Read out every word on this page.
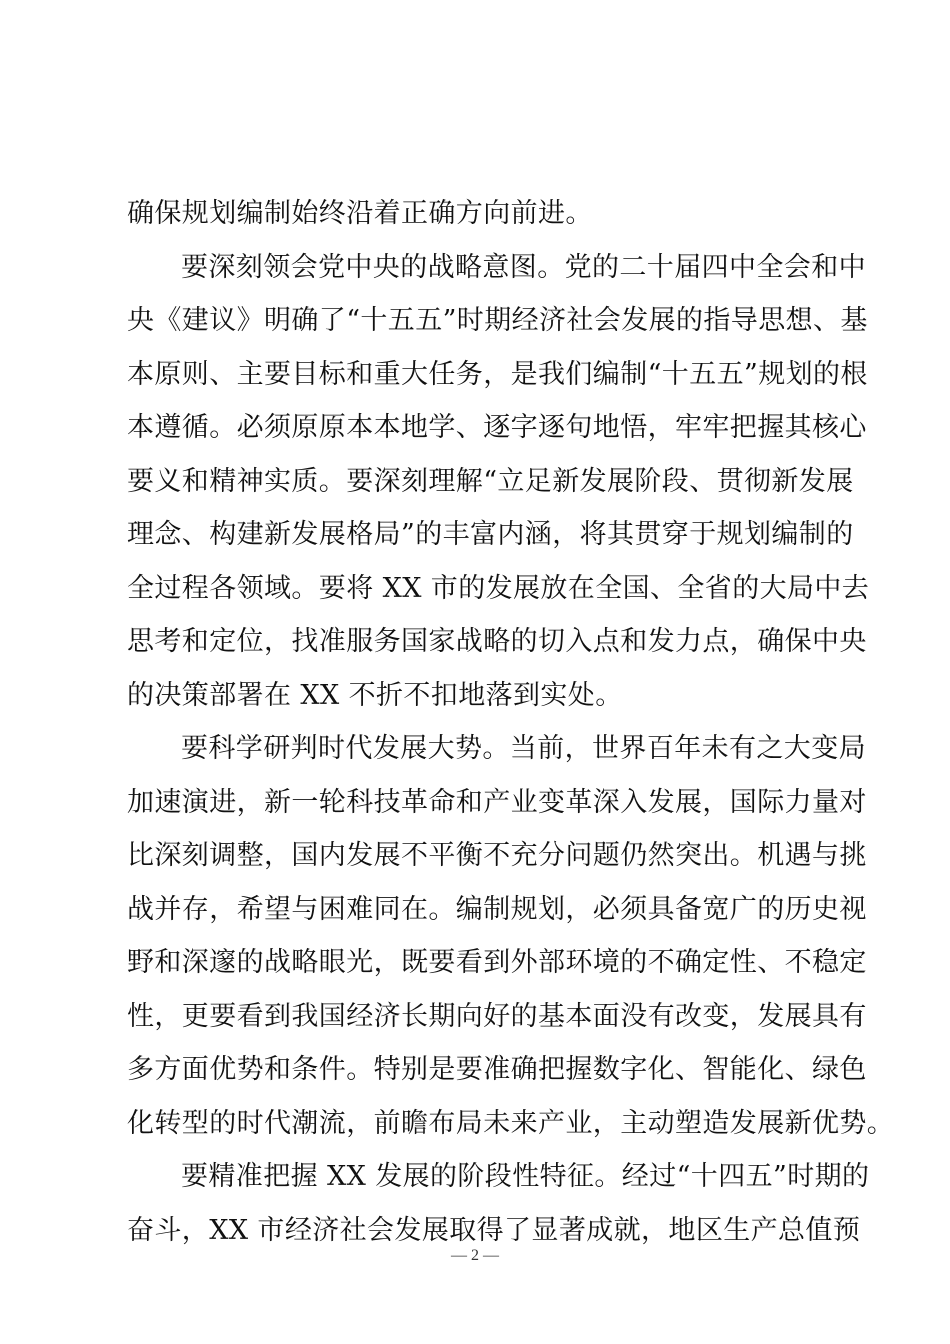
确保规划编制始终沿着正确方向前进。
要深刻领会党中央的战略意图。党的二十届四中全会和中
央《建议》明确了“十五五”时期经济社会发展的指导思想、基
本原则、主要目标和重大任务，是我们编制“十五五”规划的根
本遵循。必须原原本本地学、逐字逐句地悟，牢牢把握其核心
要义和精神实质。要深刻理解“立足新发展阶段、贯彻新发展
理念、构建新发展格局”的丰富内涵，将其贯穿于规划编制的
全过程各领域。要将 XX 市的发展放在全国、全省的大局中去
思考和定位，找准服务国家战略的切入点和发力点，确保中央
的决策部署在 XX 不折不扣地落到实处。
要科学研判时代发展大势。当前，世界百年未有之大变局
加速演进，新一轮科技革命和产业变革深入发展，国际力量对
比深刻调整，国内发展不平衡不充分问题仍然突出。机遇与挑
战并存，希望与困难同在。编制规划，必须具备宽广的历史视
野和深邃的战略眼光，既要看到外部环境的不确定性、不稳定
性，更要看到我国经济长期向好的基本面没有改变，发展具有
多方面优势和条件。特别是要准确把握数字化、智能化、绿色
化转型的时代潮流，前瞻布局未来产业，主动塑造发展新优势。
要精准把握 XX 发展的阶段性特征。经过“十四五”时期的
奋斗，XX 市经济社会发展取得了显著成就，地区生产总值预
— 2 —
